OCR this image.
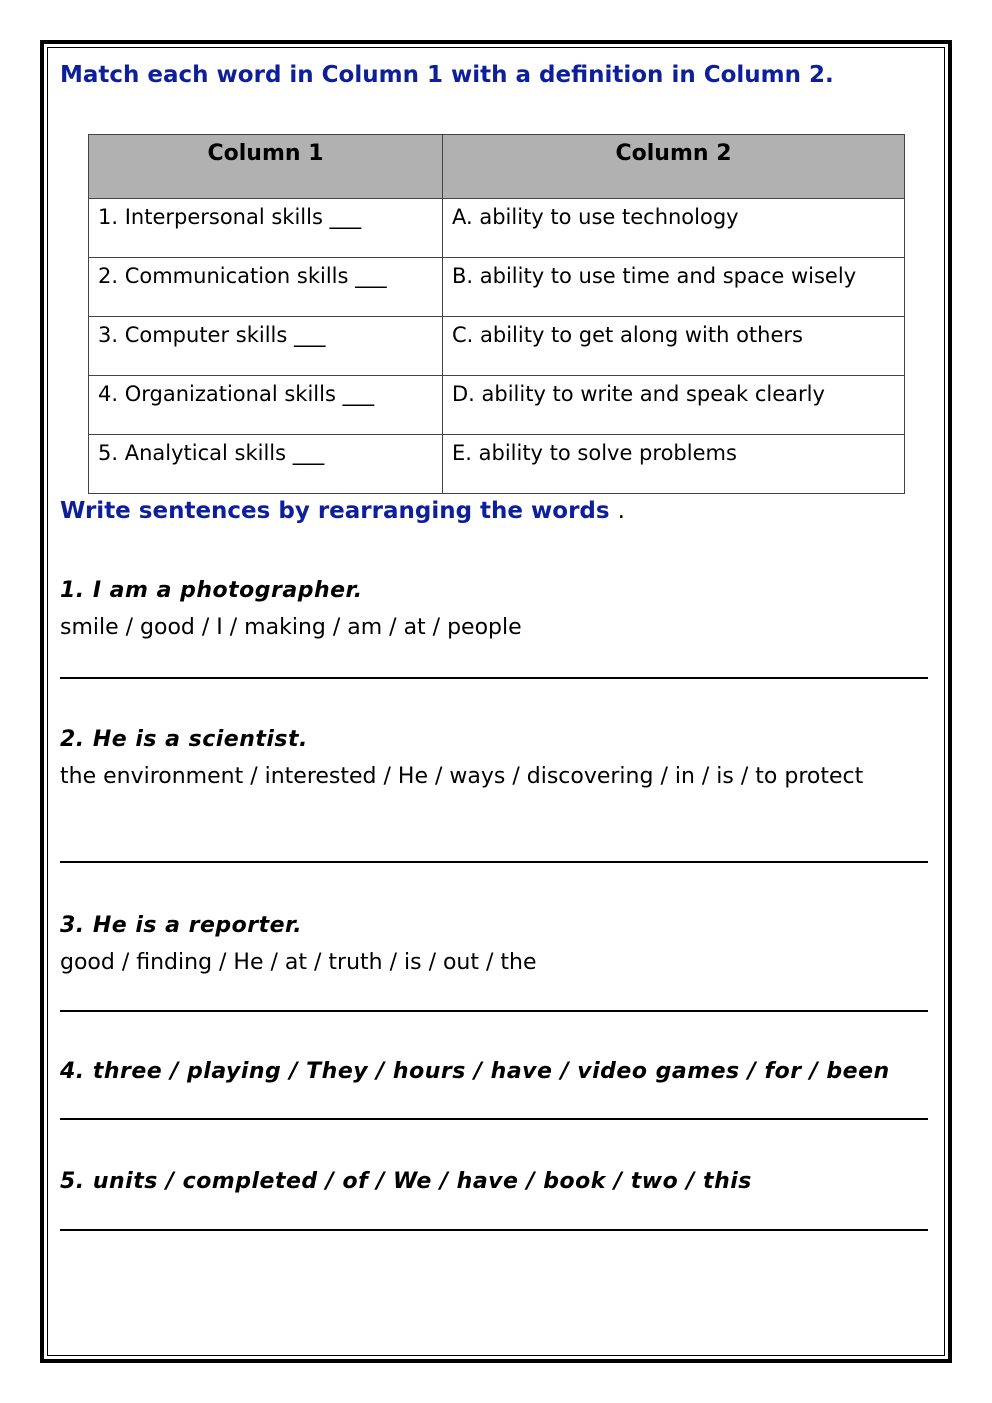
Match each word in Column 1 with a definition in Column 2.
Column 1	Column 2
1. Interpersonal skills ___	A. ability to use technology
2. Communication skills ___	B. ability to use time and space wisely
3. Computer skills ___	C. ability to get along with others
4. Organizational skills ___	D. ability to write and speak clearly
5. Analytical skills ___	E. ability to solve problems
Write sentences by rearranging the words .

1. I am a photographer.

smile / good / I / making / am / at / people

2. He is a scientist.

the environment / interested / He / ways / discovering / in / is / to protect

3. He is a reporter.

good / finding / He / at / truth / is / out / the

4. three / playing / They / hours / have / video games / for / been

5. units / completed / of / We / have / book / two / this
